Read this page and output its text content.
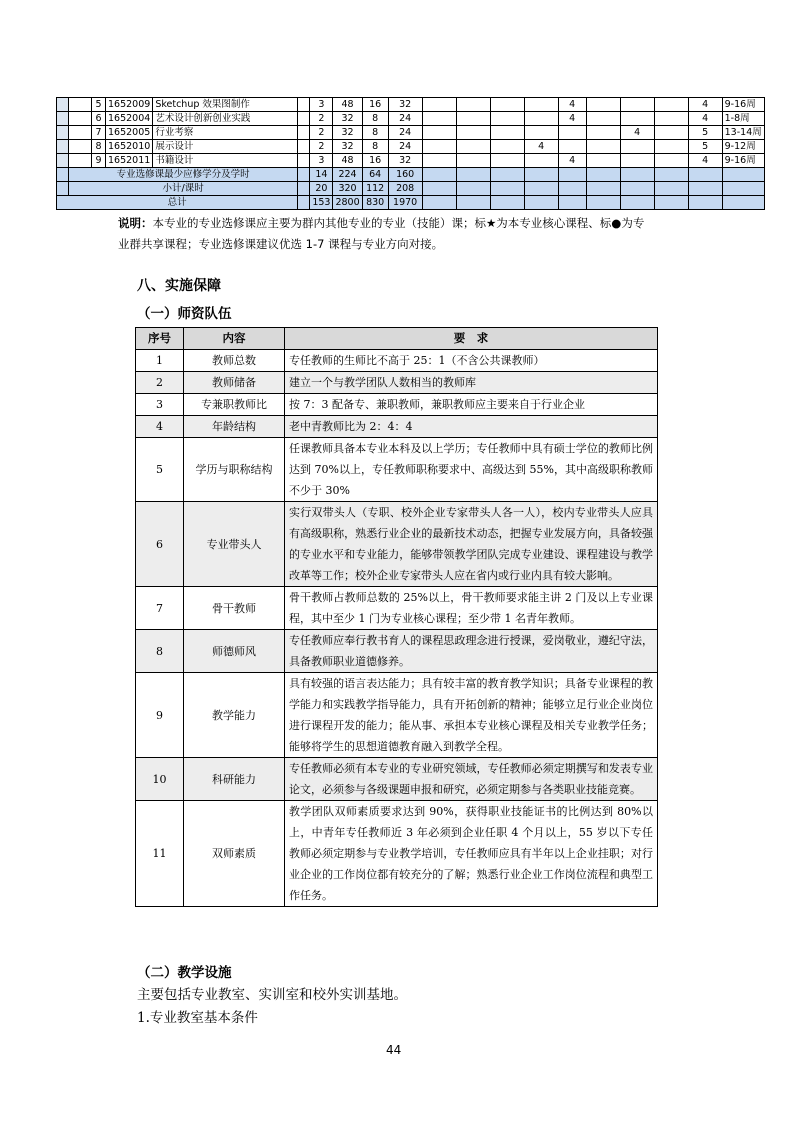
		5	1652009	Sketchup 效果图制作		3	48	16	32					4				4	9-16周
		6	1652004	艺术设计创新创业实践		2	32	8	24					4				4	1-8周
		7	1652005	行业考察		2	32	8	24							4		5	13-14周
		8	1652010	展示设计		2	32	8	24				4					5	9-12周
		9	1652011	书籍设计		3	48	16	32					4				4	9-16周
	专业选修课最少应修学分及学时					14	224	64	160										
	小计/课时					20	320	112	208										
总计						153	2800	830	1970										
说明：本专业的专业选修课应主要为群内其他专业的专业（技能）课；标★为本专业核心课程、标●为专
业群共享课程；专业选修课建议优选 1-7 课程与专业方向对接。
八、实施保障
（一）师资队伍
序号	内容	要　求
1	教师总数	专任教师的生师比不高于 25：1（不含公共课教师）
2	教师储备	建立一个与教学团队人数相当的教师库
3	专兼职教师比	按 7：3 配备专、兼职教师，兼职教师应主要来自于行业企业
4	年龄结构	老中青教师比为 2：4：4
5	学历与职称结构	任课教师具备本专业本科及以上学历；专任教师中具有硕士学位的教师比例达到 70%以上，专任教师职称要求中、高级达到 55%，其中高级职称教师不少于 30%
6	专业带头人	实行双带头人（专职、校外企业专家带头人各一人），校内专业带头人应具有高级职称，熟悉行业企业的最新技术动态，把握专业发展方向，具备较强的专业水平和专业能力，能够带领教学团队完成专业建设、课程建设与教学改革等工作；校外企业专家带头人应在省内或行业内具有较大影响。
7	骨干教师	骨干教师占教师总数的 25%以上，骨干教师要求能主讲 2 门及以上专业课程，其中至少 1 门为专业核心课程；至少带 1 名青年教师。
8	师德师风	专任教师应奉行教书育人的课程思政理念进行授课，爱岗敬业，遵纪守法，具备教师职业道德修养。
9	教学能力	具有较强的语言表达能力；具有较丰富的教育教学知识；具备专业课程的教学能力和实践教学指导能力，具有开拓创新的精神；能够立足行业企业岗位进行课程开发的能力；能从事、承担本专业核心课程及相关专业教学任务；能够将学生的思想道德教育融入到教学全程。
10	科研能力	专任教师必须有本专业的专业研究领域，专任教师必须定期撰写和发表专业论文，必须参与各级课题申报和研究，必须定期参与各类职业技能竞赛。
11	双师素质	教学团队双师素质要求达到 90%，获得职业技能证书的比例达到 80%以上，中青年专任教师近 3 年必须到企业任职 4 个月以上，55 岁以下专任教师必须定期参与专业教学培训，专任教师应具有半年以上企业挂职；对行业企业的工作岗位都有较充分的了解；熟悉行业企业工作岗位流程和典型工作任务。
（二）教学设施
主要包括专业教室、实训室和校外实训基地。
1.专业教室基本条件
44
